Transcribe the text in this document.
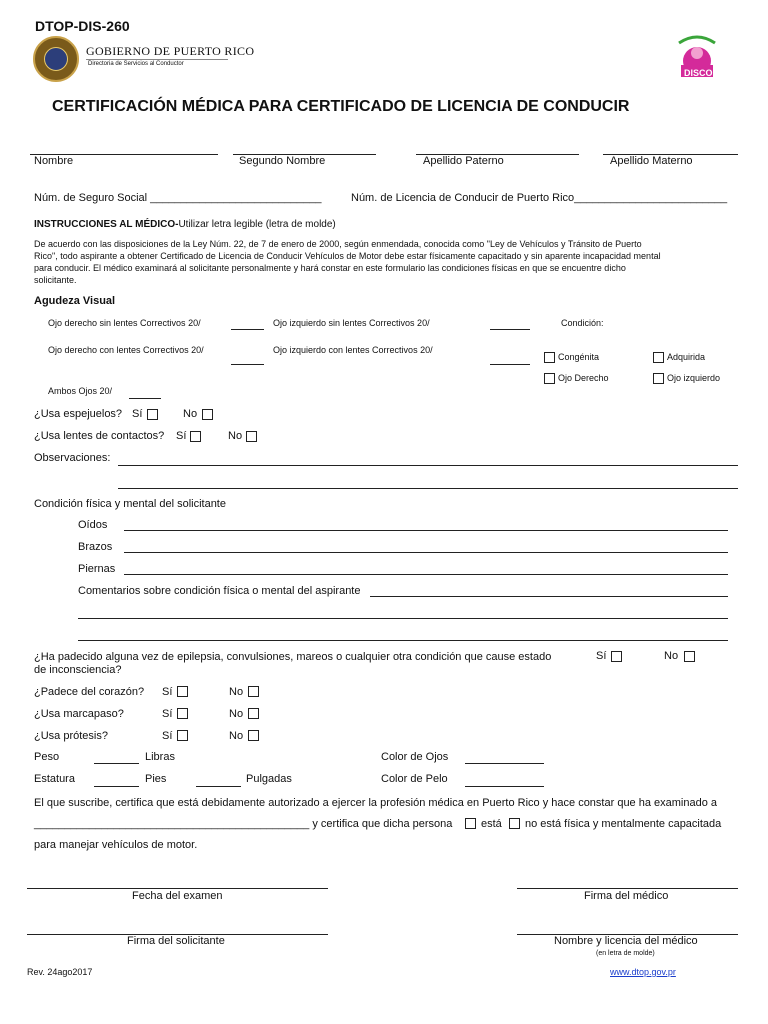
DTOP-DIS-260
GOBIERNO DE PUERTO RICO
Directoria de Servicios al Conductor
DISCO
CERTIFICACIÓN MÉDICA PARA CERTIFICADO DE LICENCIA DE CONDUCIR
Nombre	Segundo Nombre	Apellido Paterno	Apellido Materno
Núm. de Seguro Social ____________________________	Núm. de Licencia de Conducir de Puerto Rico_________________________
INSTRUCCIONES AL MÉDICO-Utilizar letra legible (letra de molde)
De acuerdo con las disposiciones de la Ley Núm. 22, de 7 de enero de 2000, según enmendada, conocida como "Ley de Vehículos y Tránsito de Puerto
Rico", todo aspirante a obtener Certificado de Licencia de Conducir Vehículos de Motor debe estar físicamente capacitado y sin aparente incapacidad mental
para conducir. El médico examinará al solicitante personalmente y hará constar en este formulario las condiciones físicas en que se encuentre dicho
solicitante.
Agudeza Visual
Ojo derecho sin lentes Correctivos 20/	Ojo izquierdo sin lentes Correctivos 20/	Condición:
Ojo derecho con lentes Correctivos 20/	Ojo izquierdo con lentes Correctivos 20/
Congénita	Adquirida
Ojo Derecho	Ojo izquierdo
Ambos Ojos 20/
¿Usa espejuelos? Sí	No
¿Usa lentes de contactos? Sí	No
Observaciones:
Condición física y mental del solicitante
Oídos
Brazos
Piernas
Comentarios sobre condición física o mental del aspirante
¿Ha padecido alguna vez de epilepsia, convulsiones, mareos o cualquier otra condición que cause estado
de inconsciencia?
Sí	No
¿Padece del corazón? Sí	No
¿Usa marcapaso?	Sí	No
¿Usa prótesis?	Sí	No
Peso	Libras	Color de Ojos
Estatura	Pies	Pulgadas	Color de Pelo
El que suscribe, certifica que está debidamente autorizado a ejercer la profesión médica en Puerto Rico y hace constar que ha examinado a
_____________________________________________ y certifica que dicha persona	está no está física y mentalmente capacitada
para manejar vehículos de motor.
Fecha del examen	Firma del médico
Firma del solicitante	Nombre y licencia del médico
(en letra de molde)
Rev. 24ago2017	www.dtop.gov.pr
